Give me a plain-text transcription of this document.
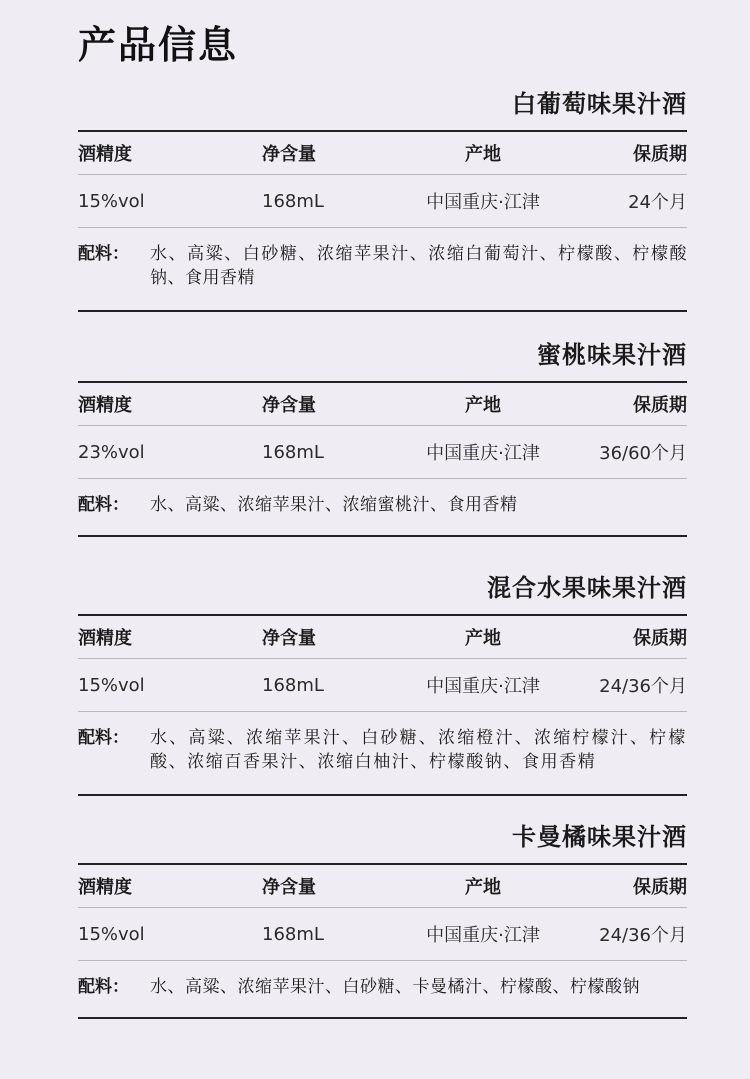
产品信息
白葡萄味果汁酒
酒精度	净含量	产地	保质期
15%vol	168mL	中国重庆·江津	24个月
配料：	水、高粱、白砂糖、浓缩苹果汁、浓缩白葡萄汁、柠檬酸、柠檬酸钠、食用香精
蜜桃味果汁酒
酒精度	净含量	产地	保质期
23%vol	168mL	中国重庆·江津	36/60个月
配料：	水、高粱、浓缩苹果汁、浓缩蜜桃汁、食用香精
混合水果味果汁酒
酒精度	净含量	产地	保质期
15%vol	168mL	中国重庆·江津	24/36个月
配料：	水、高粱、浓缩苹果汁、白砂糖、浓缩橙汁、浓缩柠檬汁、柠檬酸、浓缩百香果汁、浓缩白柚汁、柠檬酸钠、食用香精
卡曼橘味果汁酒
酒精度	净含量	产地	保质期
15%vol	168mL	中国重庆·江津	24/36个月
配料：	水、高粱、浓缩苹果汁、白砂糖、卡曼橘汁、柠檬酸、柠檬酸钠
